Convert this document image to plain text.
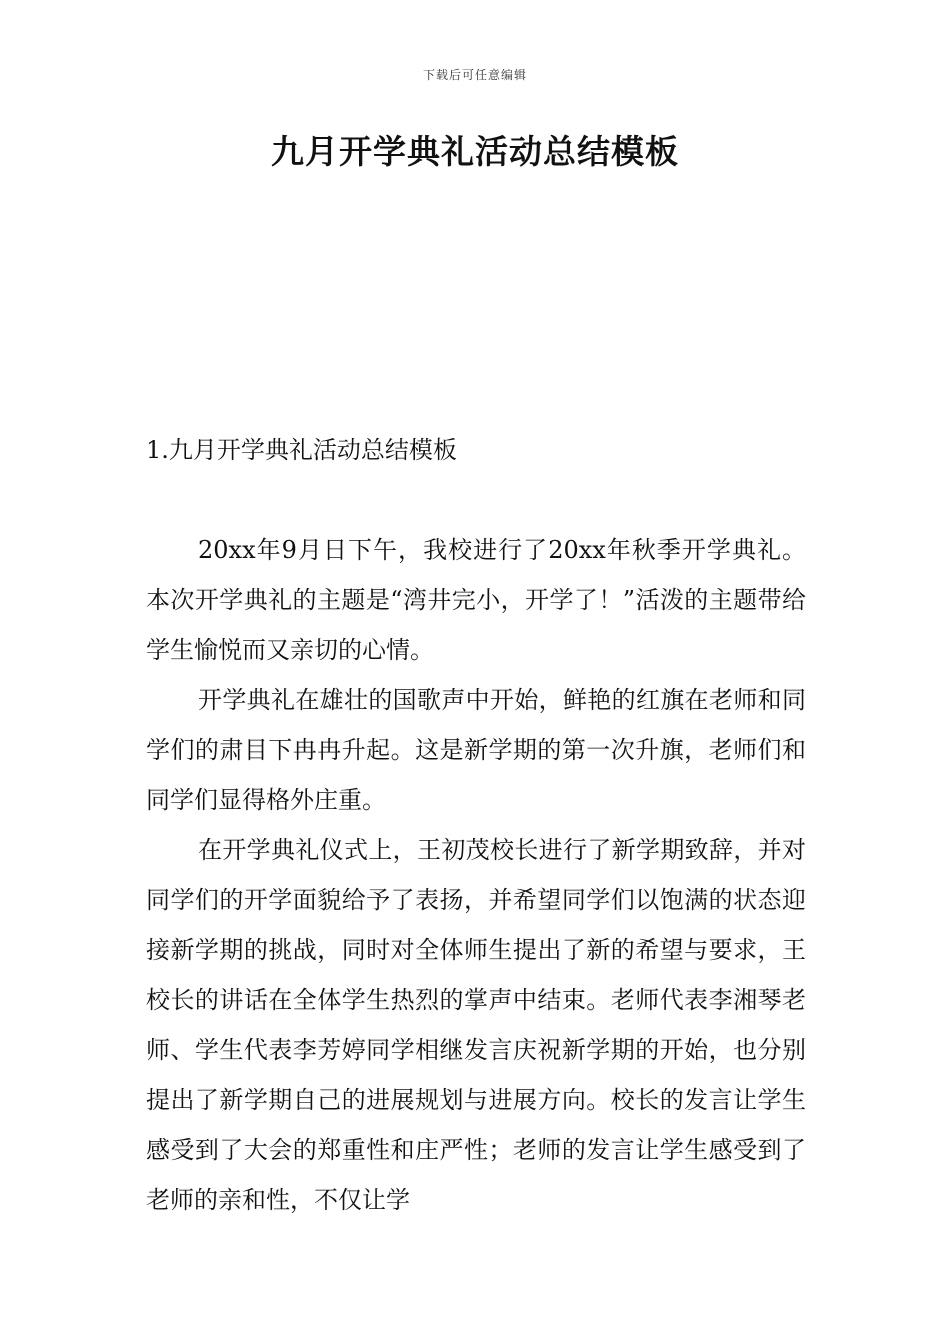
下载后可任意编辑
九月开学典礼活动总结模板
1.九月开学典礼活动总结模板

20xx年9月日下午，我校进行了20xx年秋季开学典礼。本次开学典礼的主题是“湾井完小，开学了！”活泼的主题带给学生愉悦而又亲切的心情。

开学典礼在雄壮的国歌声中开始，鲜艳的红旗在老师和同学们的肃目下冉冉升起。这是新学期的第一次升旗，老师们和同学们显得格外庄重。

在开学典礼仪式上，王初茂校长进行了新学期致辞，并对同学们的开学面貌给予了表扬，并希望同学们以饱满的状态迎接新学期的挑战，同时对全体师生提出了新的希望与要求，王校长的讲话在全体学生热烈的掌声中结束。老师代表李湘琴老师、学生代表李芳婷同学相继发言庆祝新学期的开始，也分别提出了新学期自己的进展规划与进展方向。校长的发言让学生感受到了大会的郑重性和庄严性；老师的发言让学生感受到了老师的亲和性，不仅让学
